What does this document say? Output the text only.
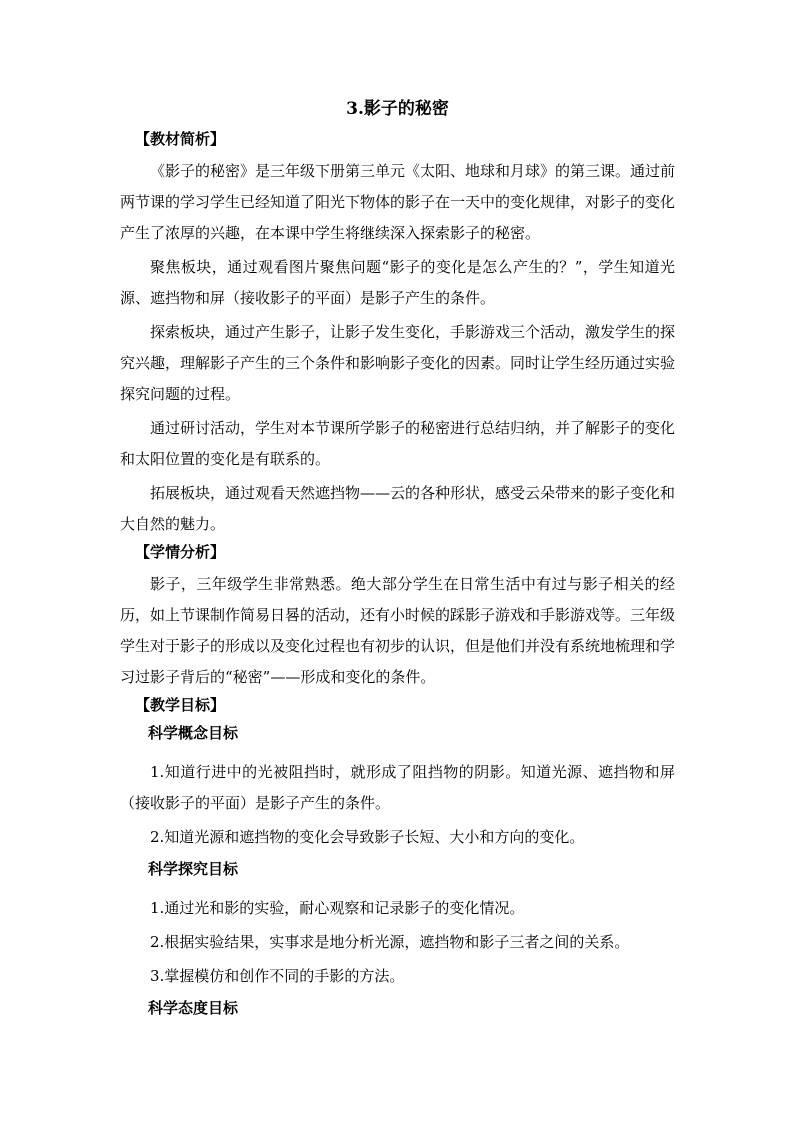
3.影子的秘密
【教材简析】
《影子的秘密》是三年级下册第三单元《太阳、地球和月球》的第三课。通过前两节课的学习学生已经知道了阳光下物体的影子在一天中的变化规律，对影子的变化产生了浓厚的兴趣，在本课中学生将继续深入探索影子的秘密。
聚焦板块，通过观看图片聚焦问题“影子的变化是怎么产生的？”，学生知道光源、遮挡物和屏（接收影子的平面）是影子产生的条件。
探索板块，通过产生影子，让影子发生变化，手影游戏三个活动，激发学生的探究兴趣，理解影子产生的三个条件和影响影子变化的因素。同时让学生经历通过实验探究问题的过程。
通过研讨活动，学生对本节课所学影子的秘密进行总结归纳，并了解影子的变化和太阳位置的变化是有联系的。
拓展板块，通过观看天然遮挡物——云的各种形状，感受云朵带来的影子变化和大自然的魅力。
【学情分析】
影子，三年级学生非常熟悉。绝大部分学生在日常生活中有过与影子相关的经历，如上节课制作简易日晷的活动，还有小时候的踩影子游戏和手影游戏等。三年级学生对于影子的形成以及变化过程也有初步的认识，但是他们并没有系统地梳理和学习过影子背后的“秘密”——形成和变化的条件。
【教学目标】
科学概念目标
1.知道行进中的光被阻挡时，就形成了阻挡物的阴影。知道光源、遮挡物和屏（接收影子的平面）是影子产生的条件。
2.知道光源和遮挡物的变化会导致影子长短、大小和方向的变化。
科学探究目标
1.通过光和影的实验，耐心观察和记录影子的变化情况。
2.根据实验结果，实事求是地分析光源，遮挡物和影子三者之间的关系。
3.掌握模仿和创作不同的手影的方法。
科学态度目标
